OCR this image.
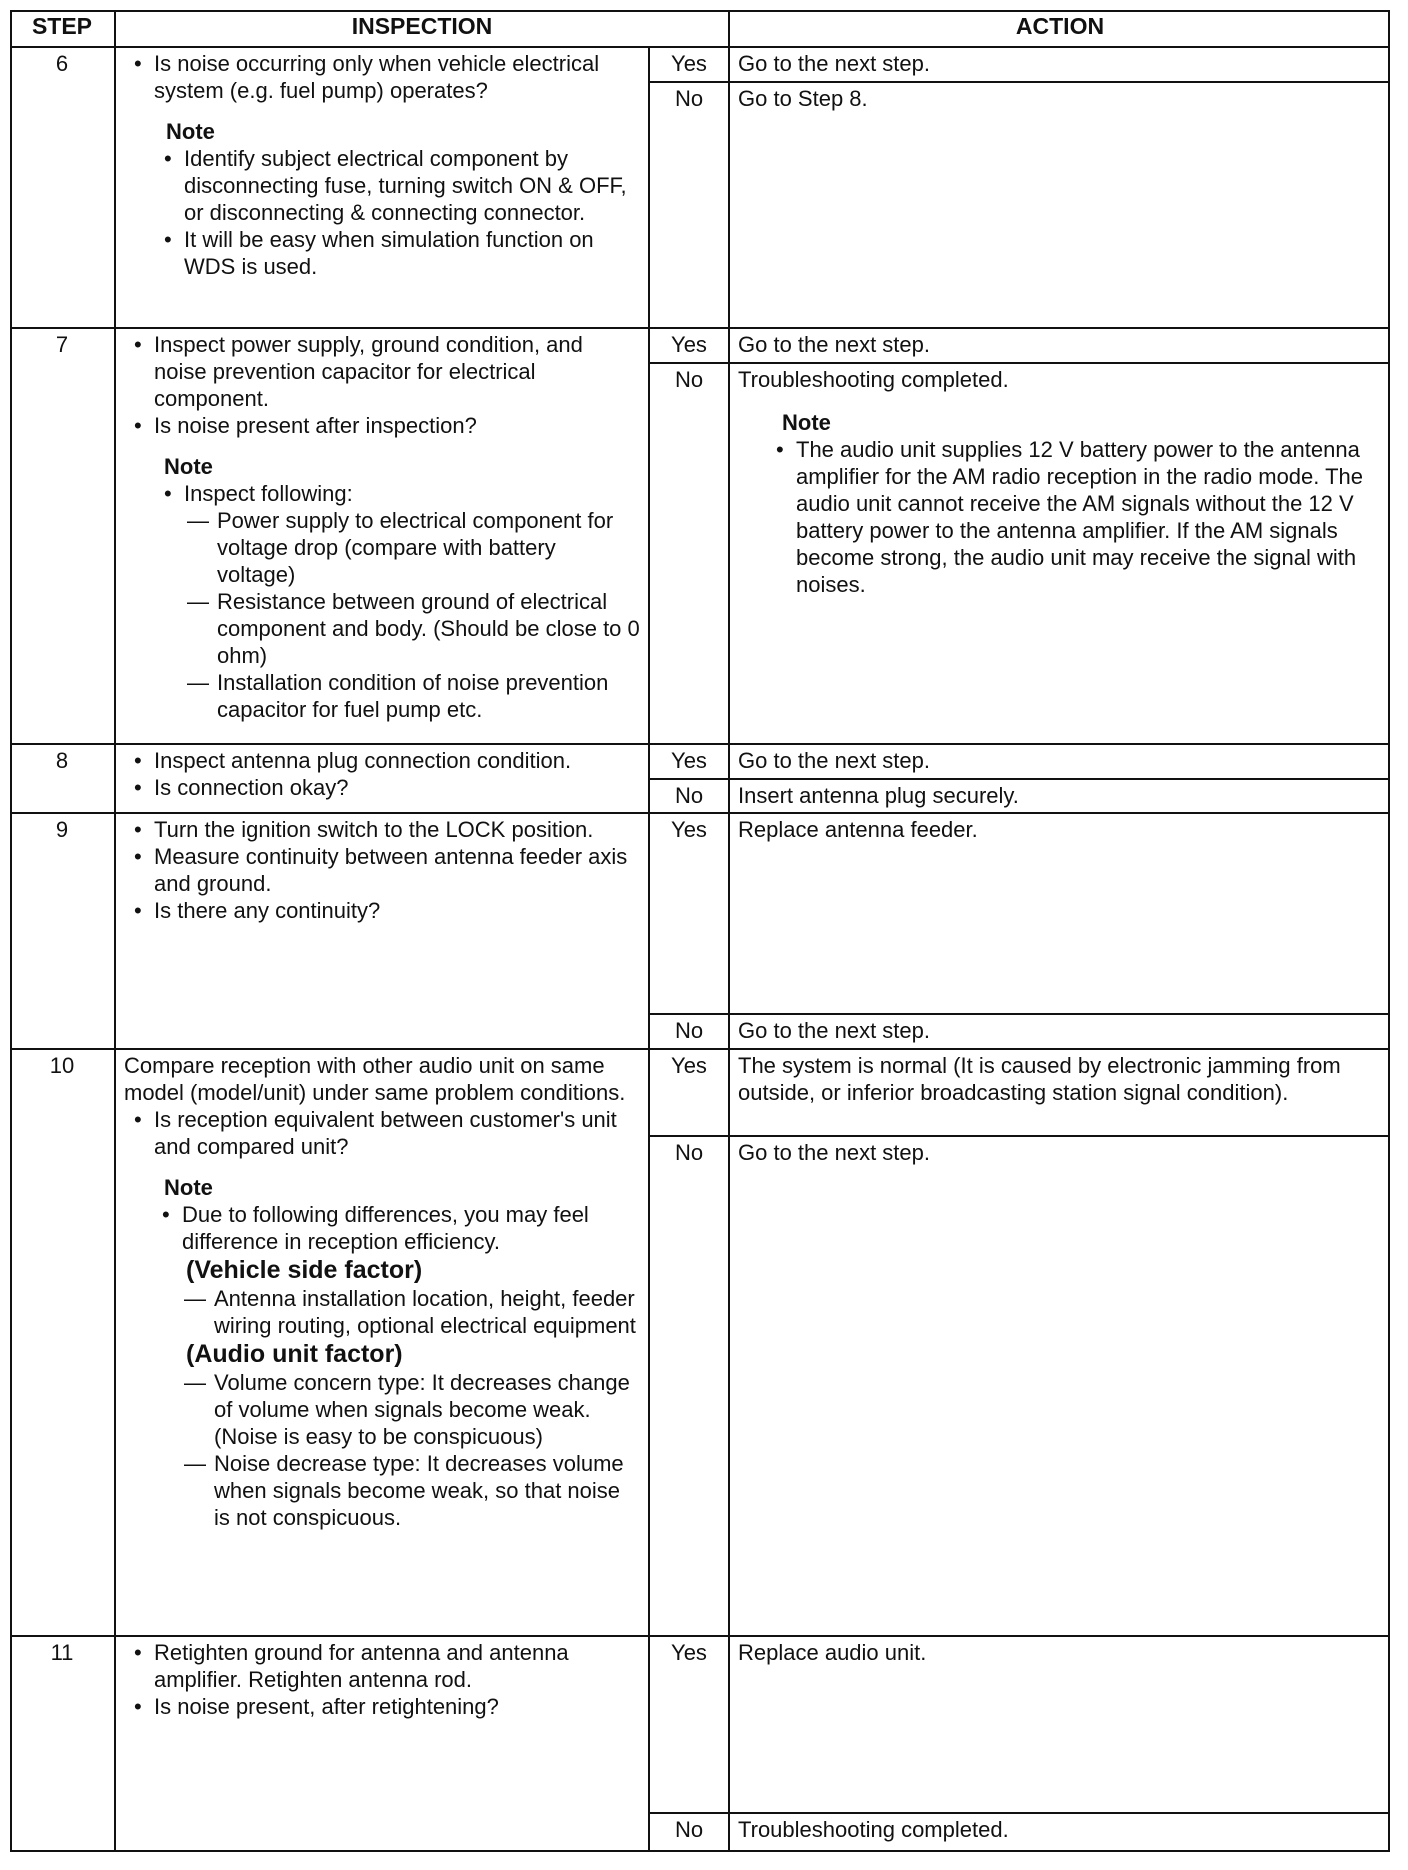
STEP	INSPECTION	ACTION
6	• Is noise occurring only when vehicle electrical system (e.g. fuel pump) operates?
Note
• Identify subject electrical component by disconnecting fuse, turning switch ON & OFF, or disconnecting & connecting connector.
• It will be easy when simulation function on WDS is used.
Yes	Go to the next step.
No	Go to Step 8.
7	• Inspect power supply, ground condition, and noise prevention capacitor for electrical component.
• Is noise present after inspection?
Note
• Inspect following:
— Power supply to electrical component for voltage drop (compare with battery voltage)
— Resistance between ground of electrical component and body. (Should be close to 0 ohm)
— Installation condition of noise prevention capacitor for fuel pump etc.
Yes	Go to the next step.
No	Troubleshooting completed.
Note
• The audio unit supplies 12 V battery power to the antenna amplifier for the AM radio reception in the radio mode. The audio unit cannot receive the AM signals without the 12 V battery power to the antenna amplifier. If the AM signals become strong, the audio unit may receive the signal with noises.
8	• Inspect antenna plug connection condition.
• Is connection okay?
Yes	Go to the next step.
No	Insert antenna plug securely.
9	• Turn the ignition switch to the LOCK position.
• Measure continuity between antenna feeder axis and ground.
• Is there any continuity?
Yes	Replace antenna feeder.
No	Go to the next step.
10	Compare reception with other audio unit on same model (model/unit) under same problem conditions.
• Is reception equivalent between customer's unit and compared unit?
Note
• Due to following differences, you may feel difference in reception efficiency.
(Vehicle side factor)
— Antenna installation location, height, feeder wiring routing, optional electrical equipment
(Audio unit factor)
— Volume concern type: It decreases change of volume when signals become weak. (Noise is easy to be conspicuous)
— Noise decrease type: It decreases volume when signals become weak, so that noise is not conspicuous.
Yes	The system is normal (It is caused by electronic jamming from outside, or inferior broadcasting station signal condition).
No	Go to the next step.
11	• Retighten ground for antenna and antenna amplifier. Retighten antenna rod.
• Is noise present, after retightening?
Yes	Replace audio unit.
No	Troubleshooting completed.
